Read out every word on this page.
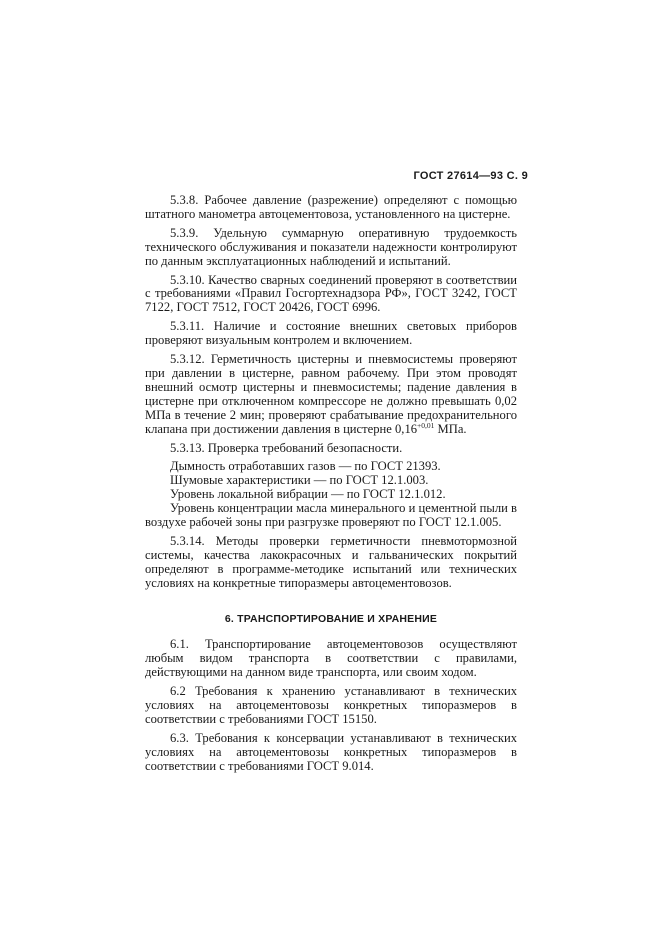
ГОСТ 27614—93 С. 9

5.3.8. Рабочее давление (разрежение) определяют с помощью штатного манометра автоцементовоза, установленного на цистерне.

5.3.9. Удельную суммарную оперативную трудоемкость технического обслуживания и показатели надежности контролируют по данным эксплуатационных наблюдений и испытаний.

5.3.10. Качество сварных соединений проверяют в соответствии с требованиями «Правил Госгортехнадзора РФ», ГОСТ 3242, ГОСТ 7122, ГОСТ 7512, ГОСТ 20426, ГОСТ 6996.

5.3.11. Наличие и состояние внешних световых приборов проверяют визуальным контролем и включением.

5.3.12. Герметичность цистерны и пневмосистемы проверяют при давлении в цистерне, равном рабочему. При этом проводят внешний осмотр цистерны и пневмосистемы; падение давления в цистерне при отключенном компрессоре не должно превышать 0,02 МПа в течение 2 мин; проверяют срабатывание предохранительного клапана при достижении давления в цистерне $0,16^{+0,01}$ МПа.

5.3.13. Проверка требований безопасности.

Дымность отработавших газов — по ГОСТ 21393.

Шумовые характеристики — по ГОСТ 12.1.003.

Уровень локальной вибрации — по ГОСТ 12.1.012.

Уровень концентрации масла минерального и цементной пыли в воздухе рабочей зоны при разгрузке проверяют по ГОСТ 12.1.005.

5.3.14. Методы проверки герметичности пневмотормозной системы, качества лакокрасочных и гальванических покрытий определяют в программе-методике испытаний или технических условиях на конкретные типоразмеры автоцементовозов.

6. ТРАНСПОРТИРОВАНИЕ И ХРАНЕНИЕ

6.1. Транспортирование автоцементовозов осуществляют любым видом транспорта в соответствии с правилами, действующими на данном виде транспорта, или своим ходом.

6.2 Требования к хранению устанавливают в технических условиях на автоцементовозы конкретных типоразмеров в соответствии с требованиями ГОСТ 15150.

6.3. Требования к консервации устанавливают в технических условиях на автоцементовозы конкретных типоразмеров в соответствии с требованиями ГОСТ 9.014.
